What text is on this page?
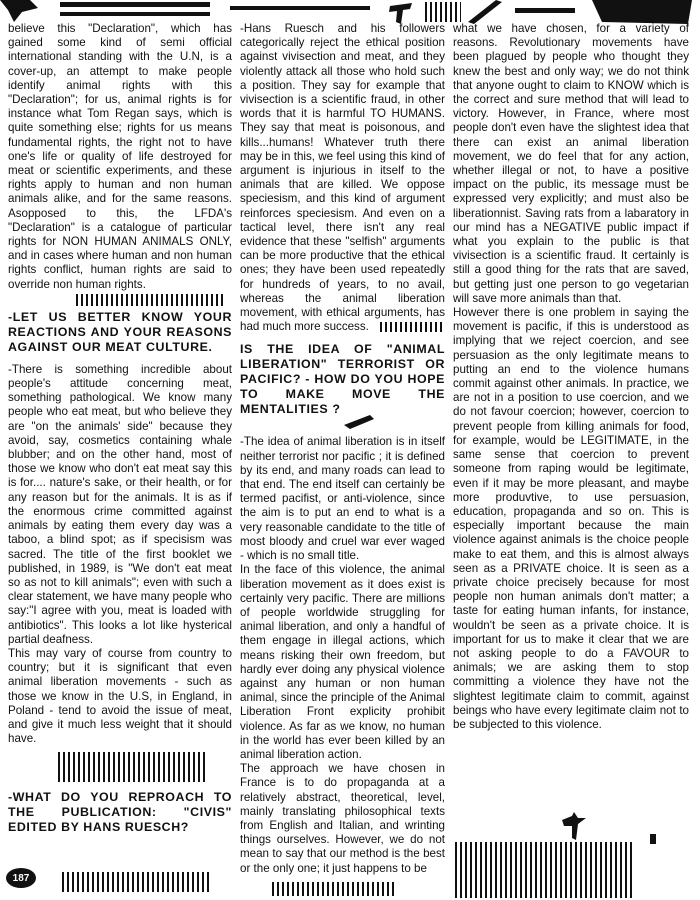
believe this "Declaration", which has gained some kind of semi official international standing with the U.N, is a cover-up, an attempt to make people identify animal rights with this "Declaration"; for us, animal rights is for instance what Tom Regan says, which is quite something else; rights for us means fundamental rights, the right not to have one's life or quality of life destroyed for meat or scientific experiments, and these rights apply to human and non human animals alike, and for the same reasons. Asopposed to this, the LFDA's "Declaration" is a catalogue of particular rights for NON HUMAN ANIMALS ONLY, and in cases where human and non human rights conflict, human rights are said to override non human rights.

-LET US BETTER KNOW YOUR REACTIONS AND YOUR REASONS AGAINST OUR MEAT CULTURE.

-There is something incredible about people's attitude concerning meat, something pathological. We know many people who eat meat, but who believe they are "on the animals' side" because they avoid, say, cosmetics containing whale blubber; and on the other hand, most of those we know who don't eat meat say this is for.... nature's sake, or their health, or for any reason but for the animals. It is as if the enormous crime committed against animals by eating them every day was a taboo, a blind spot; as if specisism was sacred. The title of the first booklet we published, in 1989, is "We don't eat meat so as not to kill animals"; even with such a clear statement, we have many people who say:"I agree with you, meat is loaded with antibiotics". This looks a lot like hysterical partial deafness.

This may vary of course from country to country; but it is significant that even animal liberation movements - such as those we know in the U.S, in England, in Poland - tend to avoid the issue of meat, and give it much less weight that it should have.

-WHAT DO YOU REPROACH TO THE PUBLICATION: "CIVIS" EDITED BY HANS RUESCH?

-Hans Ruesch and his followers categorically reject the ethical position against vivisection and meat, and they violently attack all those who hold such a position. They say for example that vivisection is a scientific fraud, in other words that it is harmful TO HUMANS. They say that meat is poisonous, and kills...humans! Whatever truth there may be in this, we feel using this kind of argument is injurious in itself to the animals that are killed. We oppose speciesism, and this kind of argument reinforces speciesism. And even on a tactical level, there isn't any real evidence that these "selfish" arguments can be more productive that the ethical ones; they have been used repeatedly for hundreds of years, to no avail, whereas the animal liberation movement, with ethical arguments, has had much more success.

IS THE IDEA OF "ANIMAL LIBERATION" TERRORIST OR PACIFIC? - HOW DO YOU HOPE TO MAKE MOVE THE MENTALITIES ?

-The idea of animal liberation is in itself neither terrorist nor pacific ; it is defined by its end, and many roads can lead to that end. The end itself can certainly be termed pacifist, or anti-violence, since the aim is to put an end to what is a very reasonable candidate to the title of most bloody and cruel war ever waged - which is no small title.

In the face of this violence, the animal liberation movement as it does exist is certainly very pacific. There are millions of people worldwide struggling for animal liberation, and only a handful of them engage in illegal actions, which means risking their own freedom, but hardly ever doing any physical violence against any human or non human animal, since the principle of the Animal Liberation Front explicity prohibit violence. As far as we know, no human in the world has ever been killed by an animal liberation action.

The approach we have chosen in France is to do propaganda at a relatively abstract, theoretical, level, mainly translating philosophical texts from English and Italian, and wrinting things ourselves. However, we do not mean to say that our method is the best or the only one; it just happens to be

what we have chosen, for a variety of reasons. Revolutionary movements have been plagued by people who thought they knew the best and only way; we do not think that anyone ought to claim to KNOW which is the correct and sure method that will lead to victory. However, in France, where most people don't even have the slightest idea that there can exist an animal liberation movement, we do feel that for any action, whether illegal or not, to have a positive impact on the public, its message must be expressed very explicitly; and must also be liberationnist. Saving rats from a labaratory in our mind has a NEGATIVE public impact if what you explain to the public is that vivisection is a scientific fraud. It certainly is still a good thing for the rats that are saved, but getting just one person to go vegetarian will save more animals than that.

However there is one problem in saying the movement is pacific, if this is understood as implying that we reject coercion, and see persuasion as the only legitimate means to putting an end to the violence humans commit against other animals. In practice, we are not in a position to use coercion, and we do not favour coercion; however, coercion to prevent people from killing animals for food, for example, would be LEGITIMATE, in the same sense that coercion to prevent someone from raping would be legitimate, even if it may be more pleasant, and maybe more produvtive, to use persuasion, education, propaganda and so on. This is especially important because the main violence against animals is the choice people make to eat them, and this is almost always seen as a PRIVATE choice. It is seen as a private choice precisely because for most people non human animals don't matter; a taste for eating human infants, for instance, wouldn't be seen as a private choice. It is important for us to make it clear that we are not asking people to do a FAVOUR to animals; we are asking them to stop committing a violence they have not the slightest legitimate claim to commit, against beings who have every legitimate claim not to be subjected to this violence.

187
